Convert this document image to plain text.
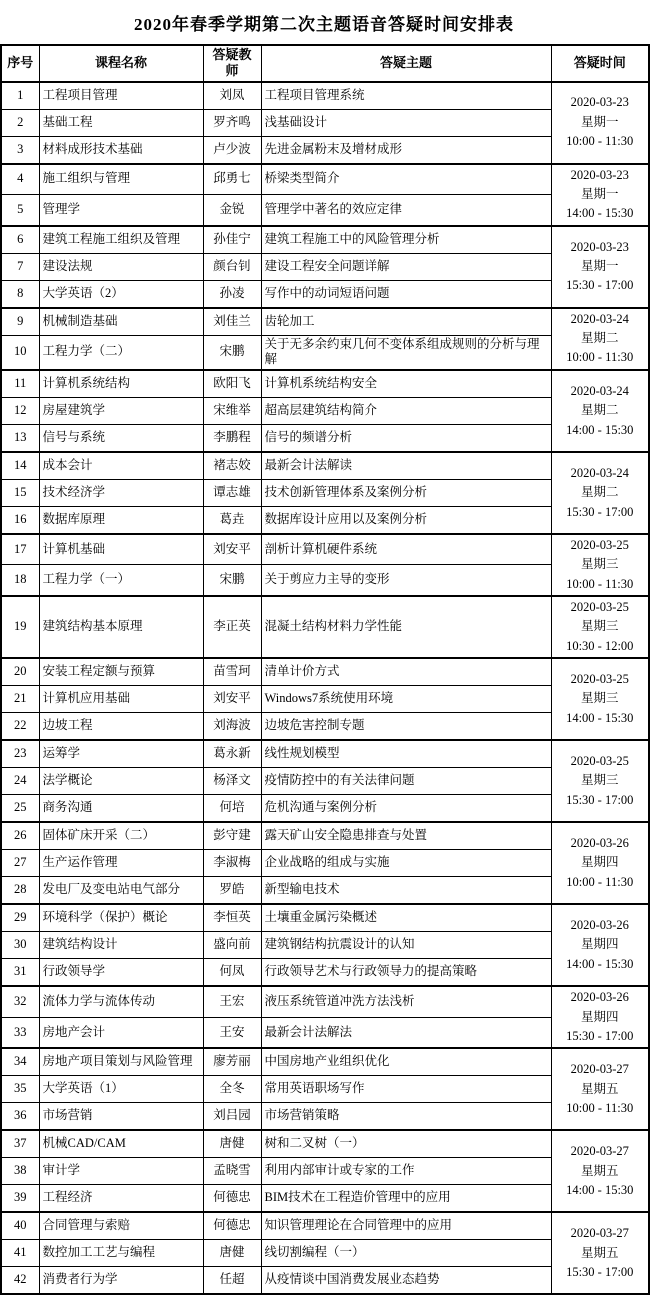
2020年春季学期第二次主题语音答疑时间安排表
序号	课程名称	答疑教师	答疑主题	答疑时间
1	工程项目管理	刘凤	工程项目管理系统	2020-03-23
星期一
10:00 - 11:30

2	基础工程	罗齐鸣	浅基础设计	
3	材料成形技术基础	卢少波	先进金属粉末及增材成形	
4	施工组织与管理	邱勇七	桥梁类型简介	2020-03-23
星期一
14:00 - 15:30

5	管理学	金锐	管理学中著名的效应定律	
6	建筑工程施工组织及管理	孙佳宁	建筑工程施工中的风险管理分析	2020-03-23
星期一
15:30 - 17:00

7	建设法规	颜台钊	建设工程安全问题详解	
8	大学英语（2）	孙凌	写作中的动词短语问题	
9	机械制造基础	刘佳兰	齿轮加工	2020-03-24
星期二
10:00 - 11:30

10	工程力学（二）	宋鹏	关于无多余约束几何不变体系组成规则的分析与理解	
11	计算机系统结构	欧阳飞	计算机系统结构安全	2020-03-24
星期二
14:00 - 15:30

12	房屋建筑学	宋维举	超高层建筑结构简介	
13	信号与系统	李鹏程	信号的频谱分析	
14	成本会计	褚志姣	最新会计法解读	2020-03-24
星期二
15:30 - 17:00

15	技术经济学	谭志雄	技术创新管理体系及案例分析	
16	数据库原理	葛垚	数据库设计应用以及案例分析	
17	计算机基础	刘安平	剖析计算机硬件系统	2020-03-25
星期三
10:00 - 11:30

18	工程力学（一）	宋鹏	关于剪应力主导的变形	
19	建筑结构基本原理	李正英	混凝土结构材料力学性能	2020-03-25
星期三
10:30 - 12:00

20	安装工程定额与预算	苗雪珂	清单计价方式	2020-03-25
星期三
14:00 - 15:30

21	计算机应用基础	刘安平	Windows7系统使用环境	
22	边坡工程	刘海波	边坡危害控制专题	
23	运筹学	葛永新	线性规划模型	2020-03-25
星期三
15:30 - 17:00

24	法学概论	杨泽文	疫情防控中的有关法律问题	
25	商务沟通	何培	危机沟通与案例分析	
26	固体矿床开采（二）	彭守建	露天矿山安全隐患排查与处置	2020-03-26
星期四
10:00 - 11:30

27	生产运作管理	李淑梅	企业战略的组成与实施	
28	发电厂及变电站电气部分	罗皓	新型输电技术	
29	环境科学（保护）概论	李恒英	土壤重金属污染概述	2020-03-26
星期四
14:00 - 15:30

30	建筑结构设计	盛向前	建筑钢结构抗震设计的认知	
31	行政领导学	何凤	行政领导艺术与行政领导力的提高策略	
32	流体力学与流体传动	王宏	液压系统管道冲洗方法浅析	2020-03-26
星期四
15:30 - 17:00

33	房地产会计	王安	最新会计法解法	
34	房地产项目策划与风险管理	廖芳丽	中国房地产业组织优化	2020-03-27
星期五
10:00 - 11:30

35	大学英语（1）	全冬	常用英语职场写作	
36	市场营销	刘吕园	市场营销策略	
37	机械CAD/CAM	唐健	树和二叉树（一）	2020-03-27
星期五
14:00 - 15:30

38	审计学	孟晓雪	利用内部审计或专家的工作	
39	工程经济	何德忠	BIM技术在工程造价管理中的应用	
40	合同管理与索赔	何德忠	知识管理理论在合同管理中的应用	2020-03-27
星期五
15:30 - 17:00

41	数控加工工艺与编程	唐健	线切割编程（一）	
42	消费者行为学	任超	从疫情谈中国消费发展业态趋势	
